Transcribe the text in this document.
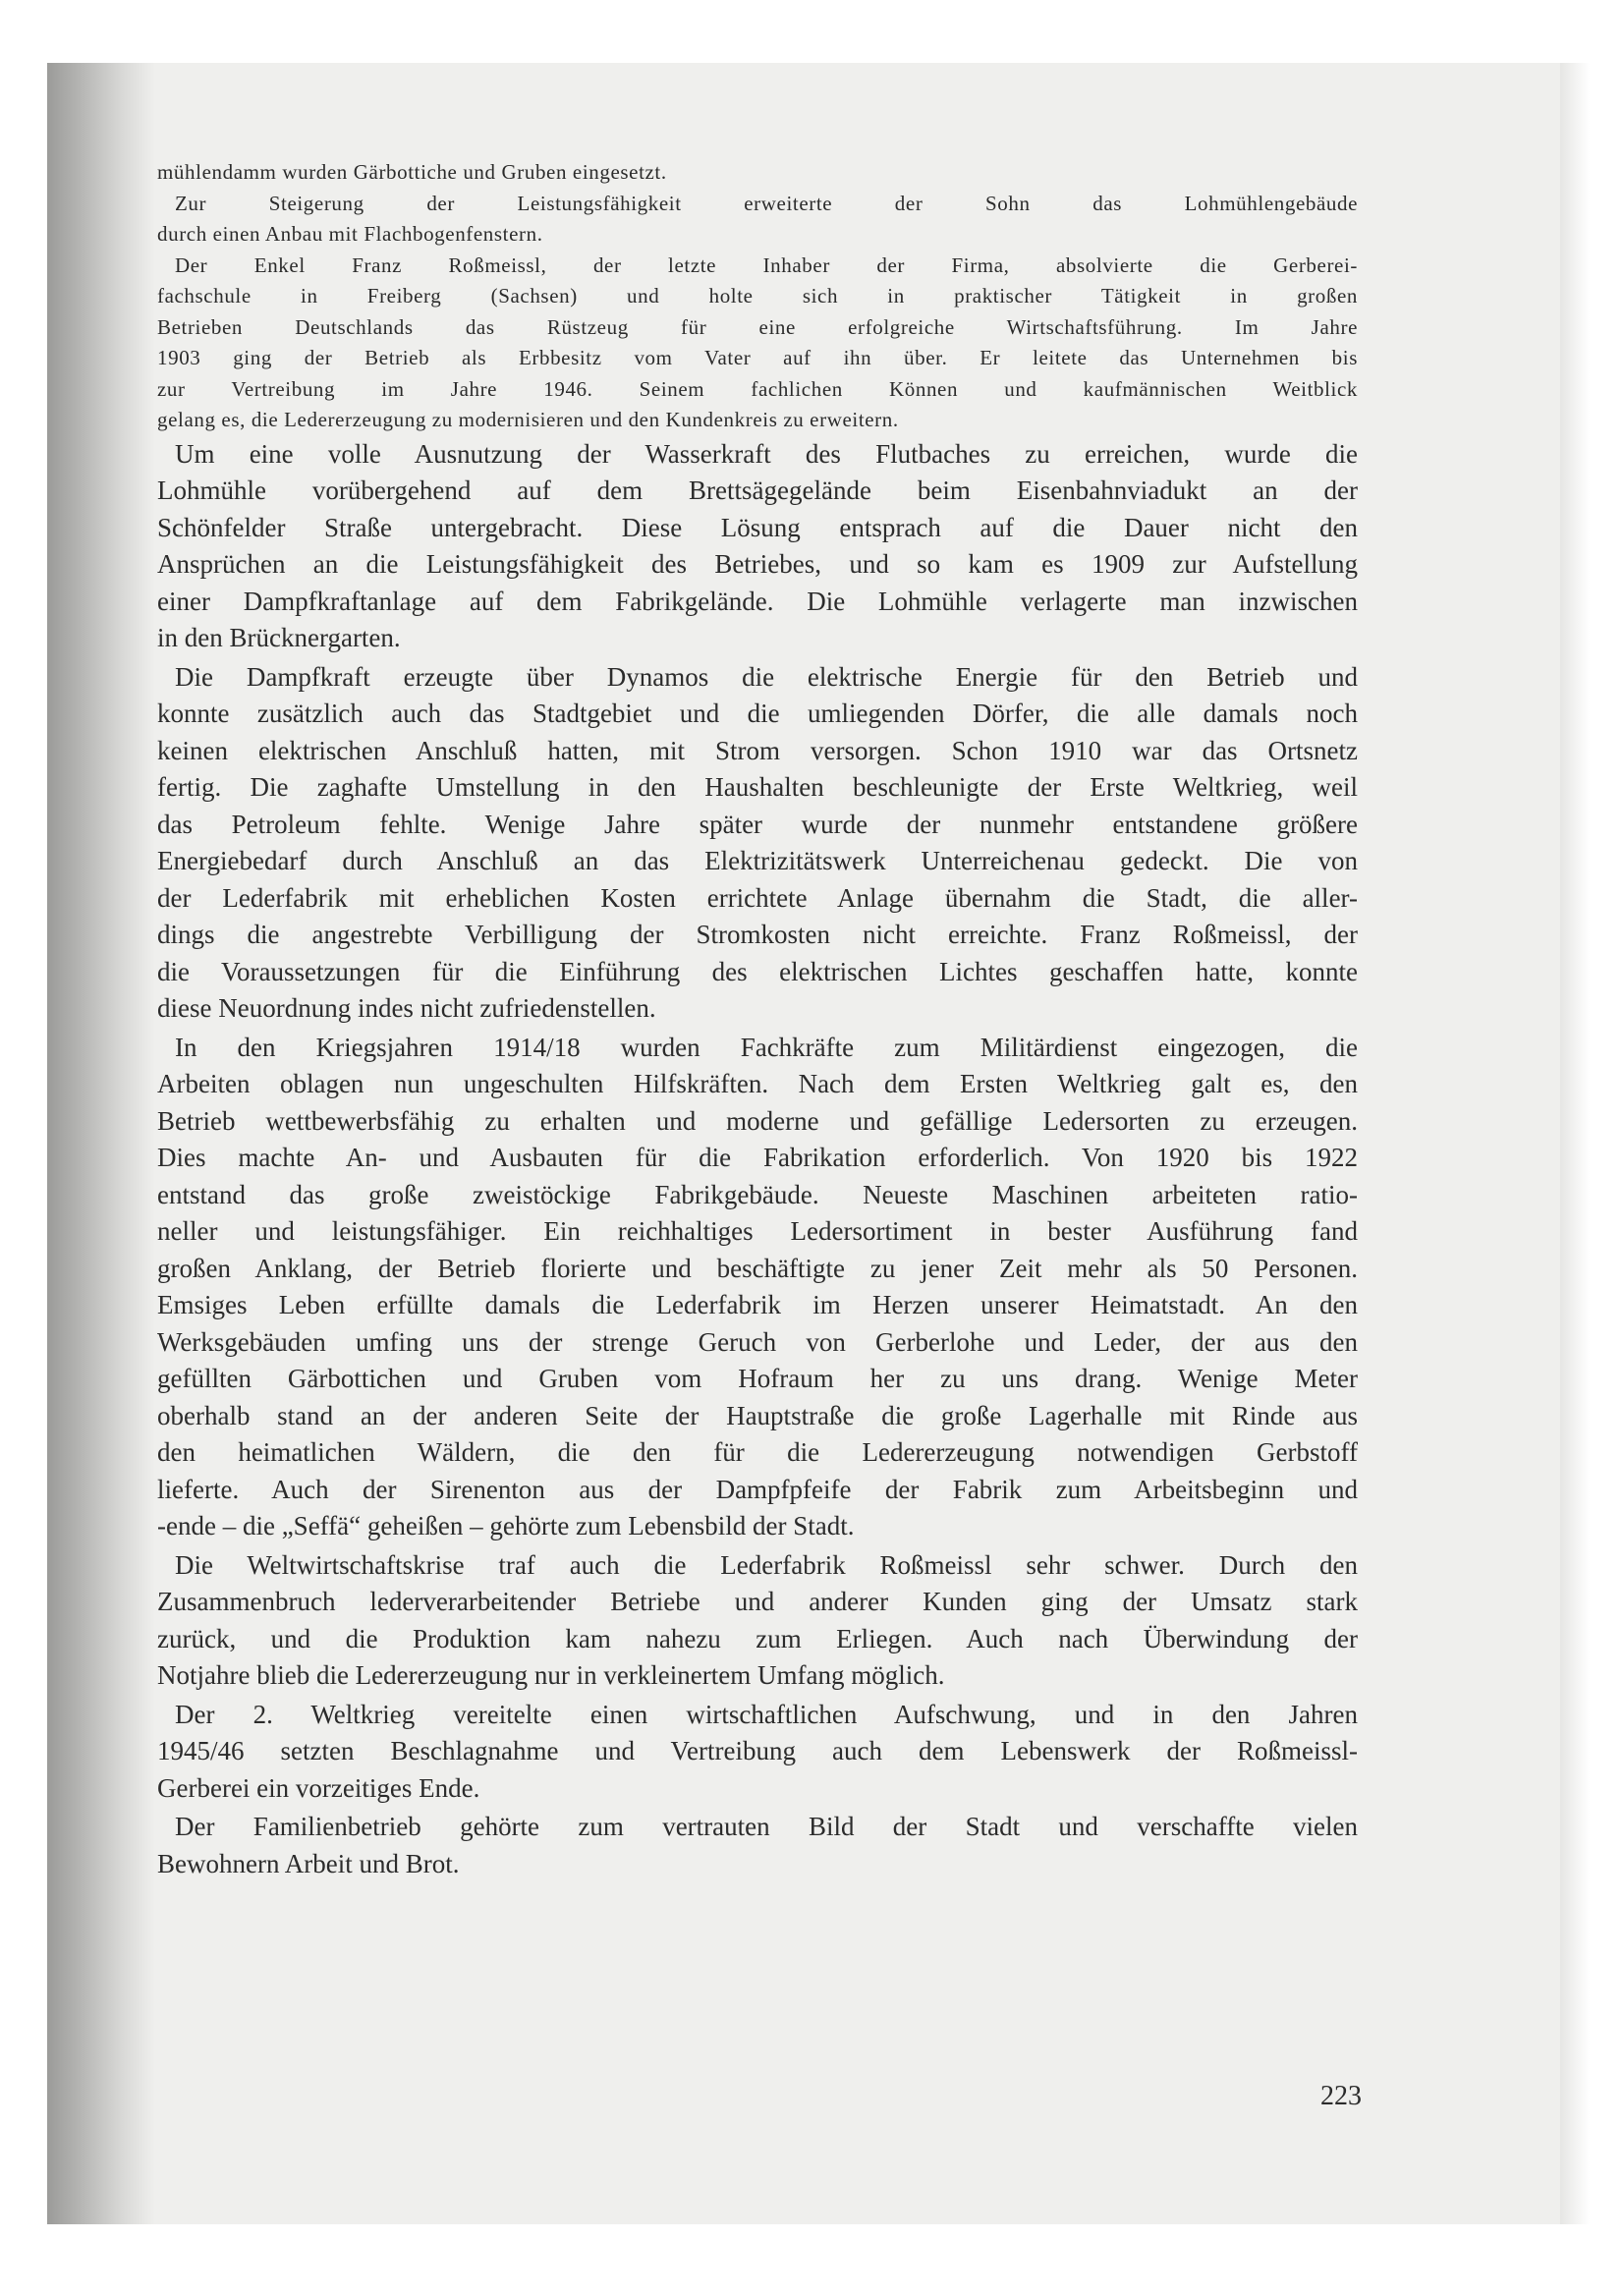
mühlendamm wurden Gärbottiche und Gruben eingesetzt.
Zur Steigerung der Leistungsfähigkeit erweiterte der Sohn das Lohmühlengebäude
durch einen Anbau mit Flachbogenfenstern.
Der Enkel Franz Roßmeissl, der letzte Inhaber der Firma, absolvierte die Gerberei-
fachschule in Freiberg (Sachsen) und holte sich in praktischer Tätigkeit in großen
Betrieben Deutschlands das Rüstzeug für eine erfolgreiche Wirtschaftsführung. Im Jahre
1903 ging der Betrieb als Erbbesitz vom Vater auf ihn über. Er leitete das Unternehmen bis
zur Vertreibung im Jahre 1946. Seinem fachlichen Können und kaufmännischen Weitblick
gelang es, die Ledererzeugung zu modernisieren und den Kundenkreis zu erweitern.
Um eine volle Ausnutzung der Wasserkraft des Flutbaches zu erreichen, wurde die
Lohmühle vorübergehend auf dem Brettsägegelände beim Eisenbahnviadukt an der
Schönfelder Straße untergebracht. Diese Lösung entsprach auf die Dauer nicht den
Ansprüchen an die Leistungsfähigkeit des Betriebes, und so kam es 1909 zur Aufstellung
einer Dampfkraftanlage auf dem Fabrikgelände. Die Lohmühle verlagerte man inzwischen
in den Brücknergarten.
Die Dampfkraft erzeugte über Dynamos die elektrische Energie für den Betrieb und
konnte zusätzlich auch das Stadtgebiet und die umliegenden Dörfer, die alle damals noch
keinen elektrischen Anschluß hatten, mit Strom versorgen. Schon 1910 war das Ortsnetz
fertig. Die zaghafte Umstellung in den Haushalten beschleunigte der Erste Weltkrieg, weil
das Petroleum fehlte. Wenige Jahre später wurde der nunmehr entstandene größere
Energiebedarf durch Anschluß an das Elektrizitätswerk Unterreichenau gedeckt. Die von
der Lederfabrik mit erheblichen Kosten errichtete Anlage übernahm die Stadt, die aller-
dings die angestrebte Verbilligung der Stromkosten nicht erreichte. Franz Roßmeissl, der
die Voraussetzungen für die Einführung des elektrischen Lichtes geschaffen hatte, konnte
diese Neuordnung indes nicht zufriedenstellen.
In den Kriegsjahren 1914/18 wurden Fachkräfte zum Militärdienst eingezogen, die
Arbeiten oblagen nun ungeschulten Hilfskräften. Nach dem Ersten Weltkrieg galt es, den
Betrieb wettbewerbsfähig zu erhalten und moderne und gefällige Ledersorten zu erzeugen.
Dies machte An- und Ausbauten für die Fabrikation erforderlich. Von 1920 bis 1922
entstand das große zweistöckige Fabrikgebäude. Neueste Maschinen arbeiteten ratio-
neller und leistungsfähiger. Ein reichhaltiges Ledersortiment in bester Ausführung fand
großen Anklang, der Betrieb florierte und beschäftigte zu jener Zeit mehr als 50 Personen.
Emsiges Leben erfüllte damals die Lederfabrik im Herzen unserer Heimatstadt. An den
Werksgebäuden umfing uns der strenge Geruch von Gerberlohe und Leder, der aus den
gefüllten Gärbottichen und Gruben vom Hofraum her zu uns drang. Wenige Meter
oberhalb stand an der anderen Seite der Hauptstraße die große Lagerhalle mit Rinde aus
den heimatlichen Wäldern, die den für die Ledererzeugung notwendigen Gerbstoff
lieferte. Auch der Sirenenton aus der Dampfpfeife der Fabrik zum Arbeitsbeginn und
-ende – die „Seffä“ geheißen – gehörte zum Lebensbild der Stadt.
Die Weltwirtschaftskrise traf auch die Lederfabrik Roßmeissl sehr schwer. Durch den
Zusammenbruch lederverarbeitender Betriebe und anderer Kunden ging der Umsatz stark
zurück, und die Produktion kam nahezu zum Erliegen. Auch nach Überwindung der
Notjahre blieb die Ledererzeugung nur in verkleinertem Umfang möglich.
Der 2. Weltkrieg vereitelte einen wirtschaftlichen Aufschwung, und in den Jahren
1945/46 setzten Beschlagnahme und Vertreibung auch dem Lebenswerk der Roßmeissl-
Gerberei ein vorzeitiges Ende.
Der Familienbetrieb gehörte zum vertrauten Bild der Stadt und verschaffte vielen
Bewohnern Arbeit und Brot.
223
